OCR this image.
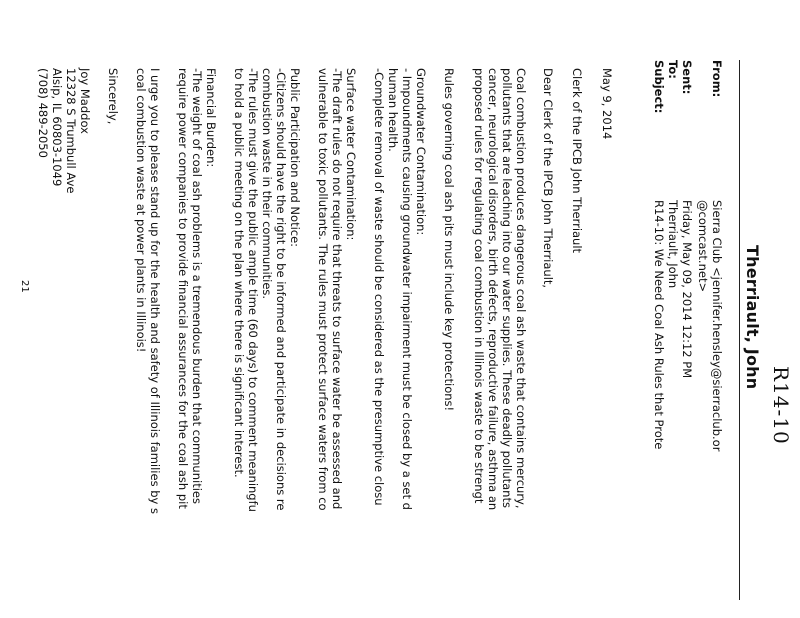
R14-10
Therriault, John
From:
Sierra Club <jennifer.hensley@sierraclub.or
@comcast.net>
Sent:
Friday, May 09, 2014 12:12 PM
To:
Therriault, John
Subject:
R14-10: We Need Coal Ash Rules that Prote
May 9, 2014
Clerk of the IPCB John Therriault
Dear Clerk of the IPCB John Therriault,
Coal combustion produces dangerous coal ash waste that contains mercury,
pollutants that are leaching into our water supplies. These deadly pollutants
cancer, neurological disorders, birth defects, reproductive failure, asthma an
proposed rules for regulating coal combustion in Illinois waste to be strengt
Rules governing coal ash pits must include key protections!
Groundwater Contamination:
- Impoundments causing groundwater impairment must be closed by a set d
human health.
-Complete removal of waste should be considered as the presumptive closu
Surface water Contamination:
-The draft rules do not require that threats to surface water be assessed and
vulnerable to toxic pollutants. The rules must protect surface waters from co
Public Participation and Notice:
-Citizens should have the right to be informed and participate in decisions re
combustion waste in their communities.
-The rules must give the public ample time (60 days) to comment meaningfu
to hold a public meeting on the plan where there is significant interest.
Financial Burden:
-The weight of coal ash problems is a tremendous burden that communities
require power companies to provide financial assurances for the coal ash pit
I urge you to please stand up for the health and safety of Illinois families by s
coal combustion waste at power plants in Illinois!
Sincerely,
Joy Maddox
12328 S Trumbull Ave
Alsip, IL 60803-1049
(708) 489-2050
21
